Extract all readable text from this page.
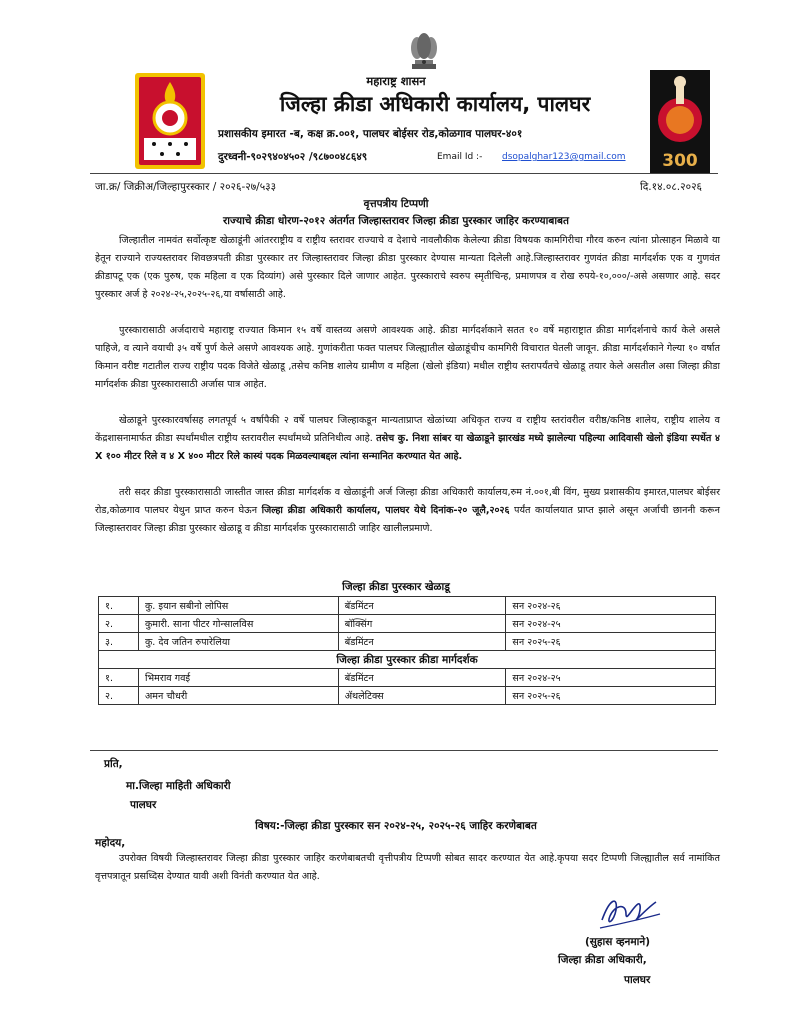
300
महाराष्ट्र शासन
जिल्हा क्रीडा अधिकारी कार्यालय, पालघर
प्रशासकीय इमारत -ब, कक्ष क्र.००१, पालघर बोईसर रोड,कोळगाव पालघर-४०१
दुरध्वनी-९०२९४०४५०२ /९८७००४८६४९	Email Id :- dsopalghar123@gmail.com
जा.क्र/ जिक्रीअ/जिल्हापुरस्कार / २०२६-२७/५३३	दि.१४.०८.२०२६
वृत्तपत्रीय टिप्पणी
राज्याचे क्रीडा धोरण-२०१२ अंतर्गत जिल्हास्तरावर जिल्हा क्रीडा पुरस्कार जाहिर करण्याबाबत
जिल्हातील नामवंत सर्वोत्कृष्ट खेळाडूंनी आंतरराष्ट्रीय व राष्ट्रीय स्तरावर राज्याचे व देशाचे नावलौकीक केलेल्या क्रीडा विषयक कामगिरीचा गौरव करुन त्यांना प्रोत्साहन मिळावे या हेतून राज्याने राज्यस्तरावर शिवछत्रपती क्रीडा पुरस्कार तर जिल्हास्तरावर जिल्हा क्रीडा पुरस्कार देण्यास मान्यता दिलेली आहे.जिल्हास्तरावर गुणवंत क्रीडा मार्गदर्शक एक व गुणवंत क्रीडापटू एक (एक पुरुष, एक महिला व एक दिव्यांग) असे पुरस्कार दिले जाणार आहेत. पुरस्काराचे स्वरुप स्मृतीचिन्ह, प्रमाणपत्र व रोख रुपये-१०,०००/-असे असणार आहे. सदर पुरस्कार अर्ज हे २०२४-२५,२०२५-२६,या वर्षासाठी आहे.
पुरस्कारासाठी अर्जदाराचे महाराष्ट्र राज्यात किमान १५ वर्षे वास्तव्य असणे आवश्यक आहे. क्रीडा मार्गदर्शकाने सतत १० वर्षे महाराष्ट्रात क्रीडा मार्गदर्शनाचे कार्य केले असले पाहिजे, व त्याने वयाची ३५ वर्षे पुर्ण केले असणे आवश्यक आहे. गुणांकरीता फक्त पालघर जिल्ह्यातील खेळाडूंचीच कामगिरी विचारात घेतली जावून. क्रीडा मार्गदर्शकाने गेल्या १० वर्षात किमान वरीष्ट गटातील राज्य राष्ट्रीय पदक विजेते खेळाडू ,तसेच कनिष्ठ शालेय ग्रामीण व महिला (खेलो इंडिया) मधील राष्ट्रीय स्तरापर्यंतचे खेळाडू तयार केले असतील असा जिल्हा क्रीडा मार्गदर्शक क्रीडा पुरस्कारासाठी अर्जास पात्र आहेत.
खेळाडूने पुरस्कारवर्षासह लगतपूर्व ५ वर्षापैकी २ वर्षे पालघर जिल्हाकडून मान्यताप्राप्त खेळांच्या अधिकृत राज्य व राष्ट्रीय स्तरांवरील वरीष्ठ/कनिष्ठ शालेय, राष्ट्रीय शालेय व केंद्रशासनामार्फत क्रीडा स्पर्धांमधील राष्ट्रीय स्तरावरील स्पर्धांमध्ये प्रतिनिधीत्व आहे. तसेच कु. निशा सांबर या खेळाडूने झारखंड मध्ये झालेल्या पहिल्या आदिवासी खेलो इंडिया स्पर्धेत ४ X १०० मीटर रिले व ४ X ४०० मीटर रिले कास्यं पदक मिळवल्याबद्दल त्यांना सन्मानित करण्यात येत आहे.
तरी सदर क्रीडा पुरस्कारासाठी जास्तीत जास्त क्रीडा मार्गदर्शक व खेळाडूंनी अर्ज जिल्हा क्रीडा अधिकारी कार्यालय,रुम नं.००१,बी विंग, मुख्य प्रशासकीय इमारत,पालघर बोईसर रोड,कोळगाव पालघर येथुन प्राप्त करुन घेऊन जिल्हा क्रीडा अधिकारी कार्यालय, पालघर येथे दिनांक-२० जूलै,२०२६ पर्यंत कार्यालयात प्राप्त झाले असून अर्जाची छाननी करून जिल्हास्तरावर जिल्हा क्रीडा पुरस्कार खेळाडू व क्रीडा मार्गदर्शक पुरस्कारासाठी जाहिर खालीलप्रमाणे.
जिल्हा क्रीडा पुरस्कार खेळाडू
१.	कु. इयान सबीनो लोपिस	बॅडमिंटन	सन २०२४-२६
२.	कुमारी. साना पीटर गोन्सालविस	बॉक्सिंग	सन २०२४-२५
३.	कु. देव जतिन रुपारेलिया	बॅडमिंटन	सन २०२५-२६
जिल्हा क्रीडा पुरस्कार क्रीडा मार्गदर्शक			
१.	भिमराव गवई	बॅडमिंटन	सन २०२४-२५
२.	अमन चौधरी	ॲथलेटिक्स	सन २०२५-२६
प्रति,
मा.जिल्हा माहिती अधिकारी
पालघर
विषय:-जिल्हा क्रीडा पुरस्कार सन २०२४-२५, २०२५-२६ जाहिर करणेबाबत
महोदय,
उपरोक्त विषयी जिल्हास्तरावर जिल्हा क्रीडा पुरस्कार जाहिर करणेबाबतची वृत्तीपत्रीय टिप्पणी सोबत सादर करण्यात येत आहे.कृपया सदर टिप्पणी जिल्ह्यातील सर्व नामांकित वृत्तपत्रातून प्रसध्दिस देण्यात यावी अशी विनंती करण्यात येत आहे.
(सुहास व्हनमाने)
जिल्हा क्रीडा अधिकारी,
पालघर
